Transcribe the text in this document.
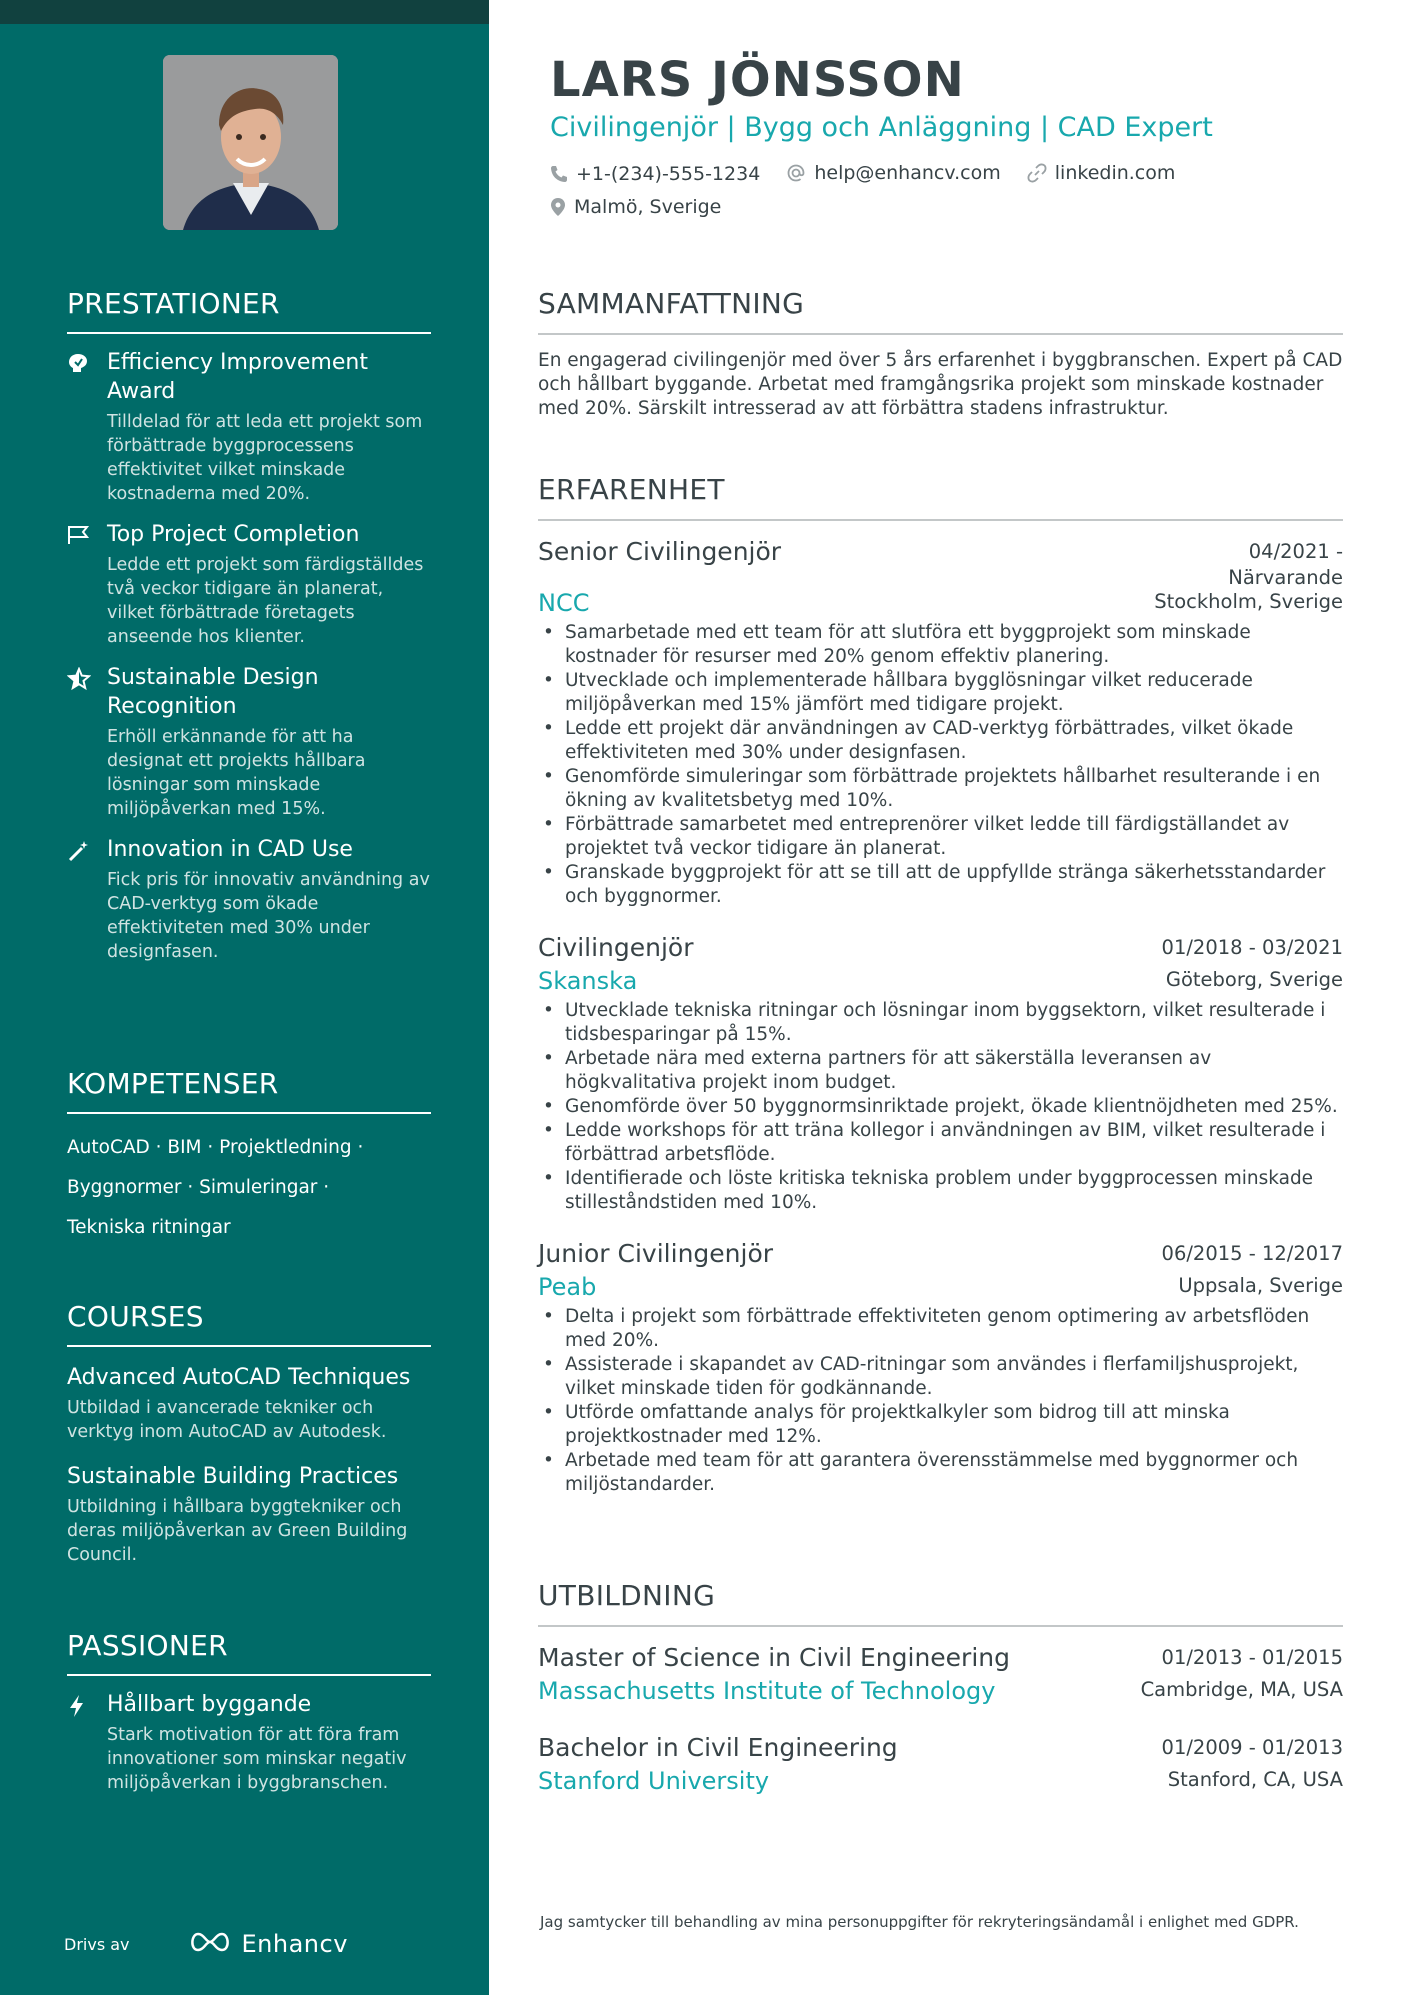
PRESTATIONER
Efficiency Improvement Award
Tilldelad för att leda ett projekt som förbättrade byggprocessens effektivitet vilket minskade kostnaderna med 20%.
Top Project Completion
Ledde ett projekt som färdigställdes två veckor tidigare än planerat, vilket förbättrade företagets anseende hos klienter.
Sustainable Design Recognition
Erhöll erkännande för att ha designat ett projekts hållbara lösningar som minskade miljöpåverkan med 15%.
Innovation in CAD Use
Fick pris för innovativ användning av CAD-verktyg som ökade effektiviteten med 30% under designfasen.
KOMPETENSER
AutoCAD · BIM · Projektledning ·
Byggnormer · Simuleringar ·
Tekniska ritningar
COURSES
Advanced AutoCAD Techniques
Utbildad i avancerade tekniker och verktyg inom AutoCAD av Autodesk.
Sustainable Building Practices
Utbildning i hållbara byggtekniker och deras miljöpåverkan av Green Building Council.
PASSIONER
Hållbart byggande
Stark motivation för att föra fram innovationer som minskar negativ miljöpåverkan i byggbranschen.
Drivs av	Enhancv
LARS JÖNSSON
Civilingenjör | Bygg och Anläggning | CAD Expert
+1-(234)-555-1234
	help@enhancv.com
	linkedin.com

Malmö, Sverige
SAMMANFATTNING
En engagerad civilingenjör med över 5 års erfarenhet i byggbranschen. Expert på CAD och hållbart byggande. Arbetat med framgångsrika projekt som minskade kostnader med 20%. Särskilt intresserad av att förbättra stadens infrastruktur.
ERFARENHET
Senior Civilingenjör	04/2021 -
Närvarande
NCC	Stockholm, Sverige
• Samarbetade med ett team för att slutföra ett byggprojekt som minskade kostnader för resurser med 20% genom effektiv planering.
• Utvecklade och implementerade hållbara bygglösningar vilket reducerade miljöpåverkan med 15% jämfört med tidigare projekt.
• Ledde ett projekt där användningen av CAD-verktyg förbättrades, vilket ökade effektiviteten med 30% under designfasen.
• Genomförde simuleringar som förbättrade projektets hållbarhet resulterande i en ökning av kvalitetsbetyg med 10%.
• Förbättrade samarbetet med entreprenörer vilket ledde till färdigställandet av projektet två veckor tidigare än planerat.
• Granskade byggprojekt för att se till att de uppfyllde stränga säkerhetsstandarder och byggnormer.
Civilingenjör	01/2018 - 03/2021
Skanska	Göteborg, Sverige
• Utvecklade tekniska ritningar och lösningar inom byggsektorn, vilket resulterade i tidsbesparingar på 15%.
• Arbetade nära med externa partners för att säkerställa leveransen av högkvalitativa projekt inom budget.
• Genomförde över 50 byggnormsinriktade projekt, ökade klientnöjdheten med 25%.
• Ledde workshops för att träna kollegor i användningen av BIM, vilket resulterade i förbättrad arbetsflöde.
• Identifierade och löste kritiska tekniska problem under byggprocessen minskade stilleståndstiden med 10%.
Junior Civilingenjör	06/2015 - 12/2017
Peab	Uppsala, Sverige
• Delta i projekt som förbättrade effektiviteten genom optimering av arbetsflöden med 20%.
• Assisterade i skapandet av CAD-ritningar som användes i flerfamiljshusprojekt, vilket minskade tiden för godkännande.
• Utförde omfattande analys för projektkalkyler som bidrog till att minska projektkostnader med 12%.
• Arbetade med team för att garantera överensstämmelse med byggnormer och miljöstandarder.
UTBILDNING
Master of Science in Civil Engineering	01/2013 - 01/2015
Massachusetts Institute of Technology	Cambridge, MA, USA
Bachelor in Civil Engineering	01/2009 - 01/2013
Stanford University	Stanford, CA, USA
Jag samtycker till behandling av mina personuppgifter för rekryteringsändamål i enlighet med GDPR.
